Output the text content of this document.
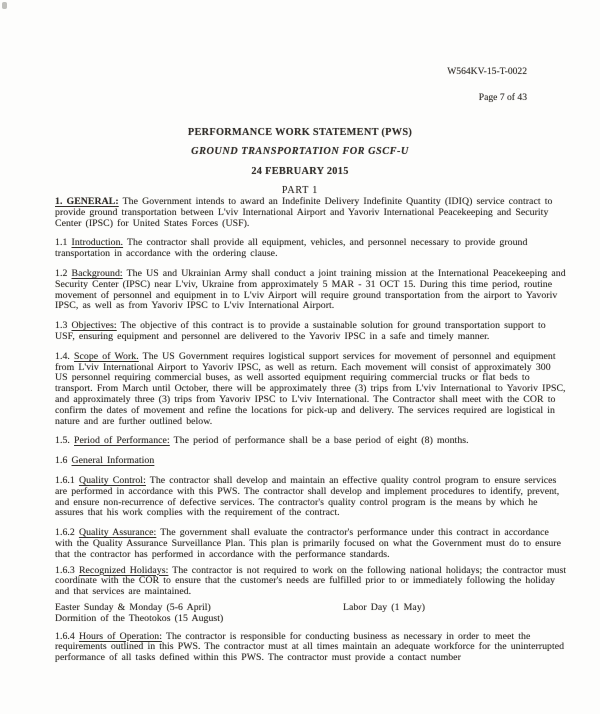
W564KV-15-T-0022
Page 7 of 43
PERFORMANCE WORK STATEMENT (PWS)
GROUND TRANSPORTATION FOR GSCF-U
24 FEBRUARY 2015
PART 1

1. GENERAL: The Government intends to award an Indefinite Delivery Indefinite Quantity (IDIQ) service contract to provide ground transportation between L'viv International Airport and Yavoriv International Peacekeeping and Security Center (IPSC) for United States Forces (USF).

1.1 Introduction. The contractor shall provide all equipment, vehicles, and personnel necessary to provide ground transportation in accordance with the ordering clause.

1.2 Background: The US and Ukrainian Army shall conduct a joint training mission at the International Peacekeeping and Security Center (IPSC) near L'viv, Ukraine from approximately 5 MAR - 31 OCT 15. During this time period, routine movement of personnel and equipment in to L'viv Airport will require ground transportation from the airport to Yavoriv IPSC, as well as from Yavoriv IPSC to L'viv International Airport.

1.3 Objectives: The objective of this contract is to provide a sustainable solution for ground transportation support to USF, ensuring equipment and personnel are delivered to the Yavoriv IPSC in a safe and timely manner.

1.4. Scope of Work. The US Government requires logistical support services for movement of personnel and equipment from L'viv International Airport to Yavoriv IPSC, as well as return. Each movement will consist of approximately 300 US personnel requiring commercial buses, as well assorted equipment requiring commercial trucks or flat beds to transport. From March until October, there will be approximately three (3) trips from L'viv International to Yavoriv IPSC, and approximately three (3) trips from Yavoriv IPSC to L'viv International. The Contractor shall meet with the COR to confirm the dates of movement and refine the locations for pick-up and delivery. The services required are logistical in nature and are further outlined below.

1.5. Period of Performance: The period of performance shall be a base period of eight (8) months.

1.6 General Information

1.6.1 Quality Control: The contractor shall develop and maintain an effective quality control program to ensure services are performed in accordance with this PWS. The contractor shall develop and implement procedures to identify, prevent, and ensure non-recurrence of defective services. The contractor's quality control program is the means by which he assures that his work complies with the requirement of the contract.

1.6.2 Quality Assurance: The government shall evaluate the contractor's performance under this contract in accordance with the Quality Assurance Surveillance Plan. This plan is primarily focused on what the Government must do to ensure that the contractor has performed in accordance with the performance standards.

1.6.3 Recognized Holidays: The contractor is not required to work on the following national holidays; the contractor must coordinate with the COR to ensure that the customer's needs are fulfilled prior to or immediately following the holiday and that services are maintained.

Easter Sunday & Monday (5-6 April)
Dormition of the Theotokos (15 August)
Labor Day (1 May)

1.6.4 Hours of Operation: The contractor is responsible for conducting business as necessary in order to meet the requirements outlined in this PWS. The contractor must at all times maintain an adequate workforce for the uninterrupted performance of all tasks defined within this PWS. The contractor must provide a contact number
